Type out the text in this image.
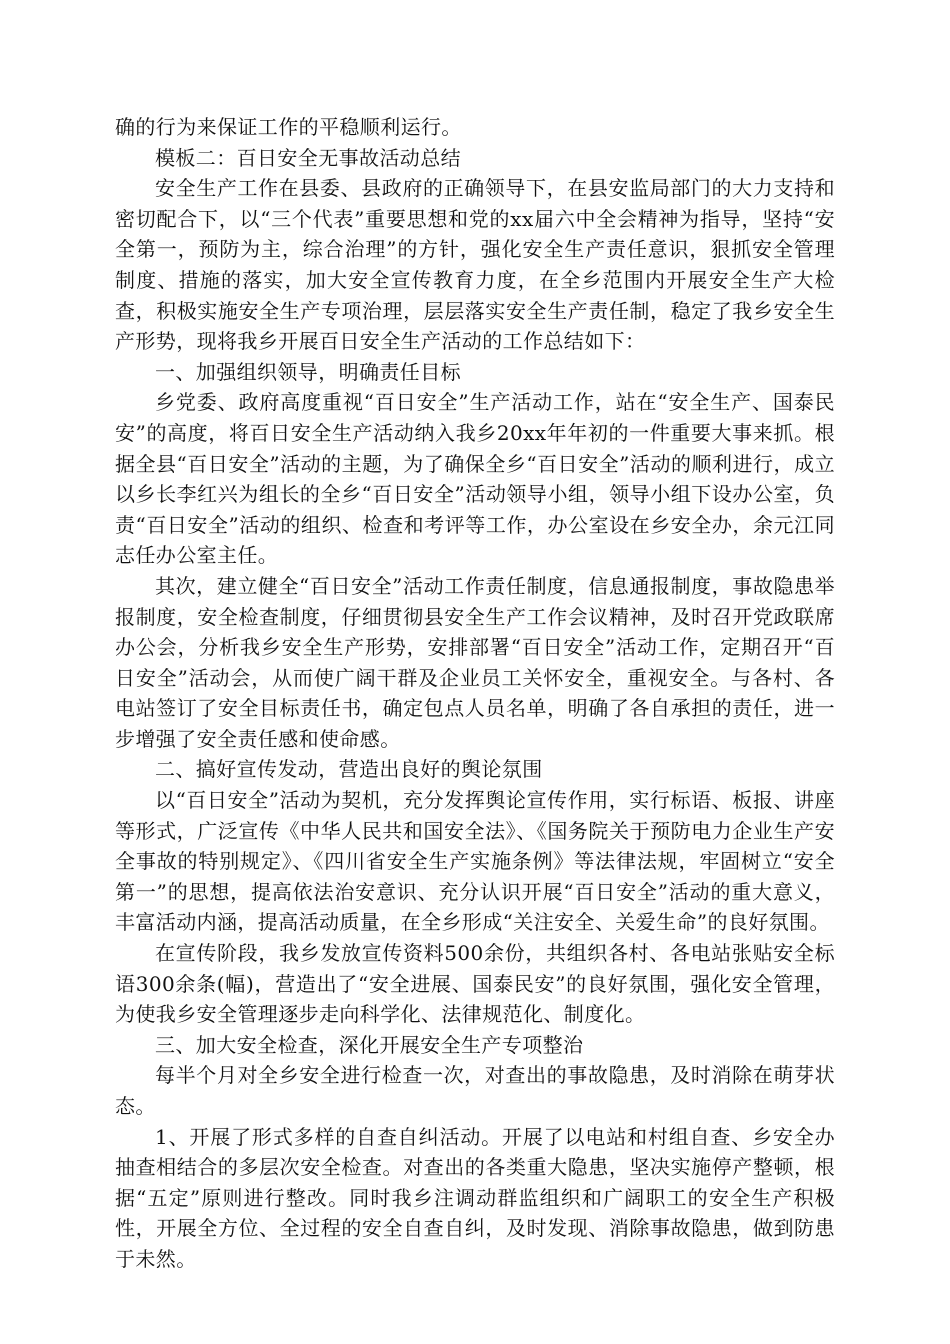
确的行为来保证工作的平稳顺利运行。

模板二：百日安全无事故活动总结

安全生产工作在县委、县政府的正确领导下，在县安监局部门的大力支持和密切配合下，以“三个代表”重要思想和党的xx届六中全会精神为指导，坚持“安全第一，预防为主，综合治理”的方针，强化安全生产责任意识，狠抓安全管理制度、措施的落实，加大安全宣传教育力度，在全乡范围内开展安全生产大检查，积极实施安全生产专项治理，层层落实安全生产责任制，稳定了我乡安全生产形势，现将我乡开展百日安全生产活动的工作总结如下：

一、加强组织领导，明确责任目标

乡党委、政府高度重视“百日安全”生产活动工作，站在“安全生产、国泰民安”的高度，将百日安全生产活动纳入我乡20xx年年初的一件重要大事来抓。根据全县“百日安全”活动的主题，为了确保全乡“百日安全”活动的顺利进行，成立以乡长李红兴为组长的全乡“百日安全”活动领导小组，领导小组下设办公室，负责“百日安全”活动的组织、检查和考评等工作，办公室设在乡安全办，余元江同志任办公室主任。

其次，建立健全“百日安全”活动工作责任制度，信息通报制度，事故隐患举报制度，安全检查制度，仔细贯彻县安全生产工作会议精神，及时召开党政联席办公会，分析我乡安全生产形势，安排部署“百日安全”活动工作，定期召开“百日安全”活动会，从而使广阔干群及企业员工关怀安全，重视安全。与各村、各电站签订了安全目标责任书，确定包点人员名单，明确了各自承担的责任，进一步增强了安全责任感和使命感。

二、搞好宣传发动，营造出良好的舆论氛围

以“百日安全”活动为契机，充分发挥舆论宣传作用，实行标语、板报、讲座等形式，广泛宣传《中华人民共和国安全法》、《国务院关于预防电力企业生产安全事故的特别规定》、《四川省安全生产实施条例》等法律法规，牢固树立“安全第一”的思想，提高依法治安意识、充分认识开展“百日安全”活动的重大意义，丰富活动内涵，提高活动质量，在全乡形成“关注安全、关爱生命”的良好氛围。

在宣传阶段，我乡发放宣传资料500余份，共组织各村、各电站张贴安全标语300余条(幅)，营造出了“安全进展、国泰民安”的良好氛围，强化安全管理，为使我乡安全管理逐步走向科学化、法律规范化、制度化。

三、加大安全检查，深化开展安全生产专项整治

每半个月对全乡安全进行检查一次，对查出的事故隐患，及时消除在萌芽状态。

1、开展了形式多样的自查自纠活动。开展了以电站和村组自查、乡安全办抽查相结合的多层次安全检查。对查出的各类重大隐患，坚决实施停产整顿，根据“五定”原则进行整改。同时我乡注调动群监组织和广阔职工的安全生产积极性，开展全方位、全过程的安全自查自纠，及时发现、消除事故隐患，做到防患于未然。
